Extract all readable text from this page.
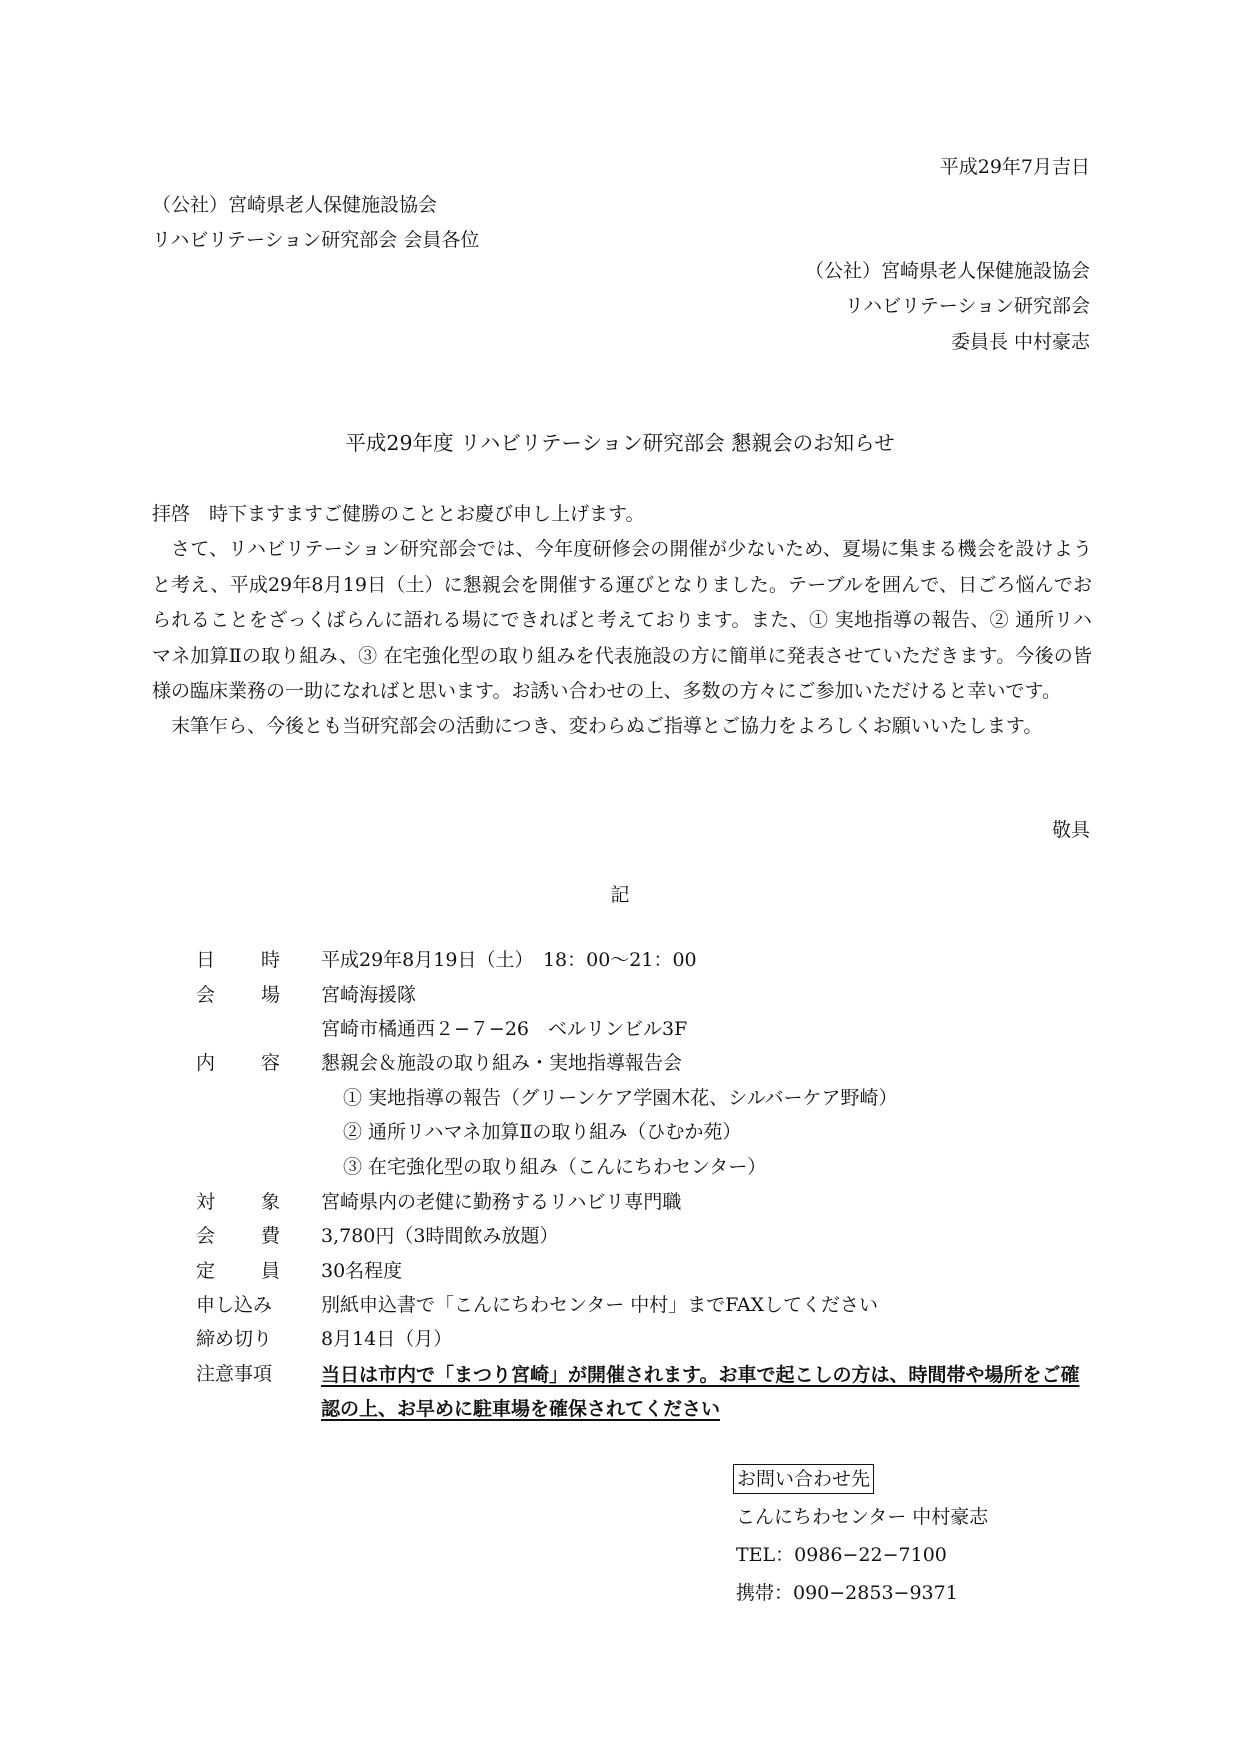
平成29年7月吉日
（公社）宮崎県老人保健施設協会
リハビリテーション研究部会 会員各位
（公社）宮崎県老人保健施設協会
リハビリテーション研究部会
委員長 中村豪志
平成29年度 リハビリテーション研究部会 懇親会のお知らせ

拝啓　時下ますますご健勝のこととお慶び申し上げます。

さて、リハビリテーション研究部会では、今年度研修会の開催が少ないため、夏場に集まる機会を設けようと考え、平成29年8月19日（土）に懇親会を開催する運びとなりました。テーブルを囲んで、日ごろ悩んでおられることをざっくばらんに語れる場にできればと考えております。また、① 実地指導の報告、② 通所リハマネ加算Ⅱの取り組み、③ 在宅強化型の取り組みを代表施設の方に簡単に発表させていただきます。今後の皆様の臨床業務の一助になればと思います。お誘い合わせの上、多数の方々にご参加いただけると幸いです。

末筆乍ら、今後とも当研究部会の活動につき、変わらぬご指導とご協力をよろしくお願いいたします。

敬具
記
日 時 平成29年8月19日（土）　18：00〜21：00
会 場 宮崎海援隊
宮崎市橘通西２−７−26　ベルリンビル3F
内 容 懇親会＆施設の取り組み・実地指導報告会
① 実地指導の報告（グリーンケア学園木花、シルバーケア野崎）
② 通所リハマネ加算Ⅱの取り組み（ひむか苑）
③ 在宅強化型の取り組み（こんにちわセンター）
対 象 宮崎県内の老健に勤務するリハビリ専門職
会 費 3,780円（3時間飲み放題）
定 員 30名程度
申し込み	別紙申込書で「こんにちわセンター 中村」までFAXしてください
締め切り	8月14日（月）
注意事項	当日は市内で「まつり宮崎」が開催されます。お車で起こしの方は、時間帯や場所をご確認の上、お早めに駐車場を確保されてください
お問い合わせ先
こんにちわセンター 中村豪志
TEL：0986−22−7100
携帯：090−2853−9371
